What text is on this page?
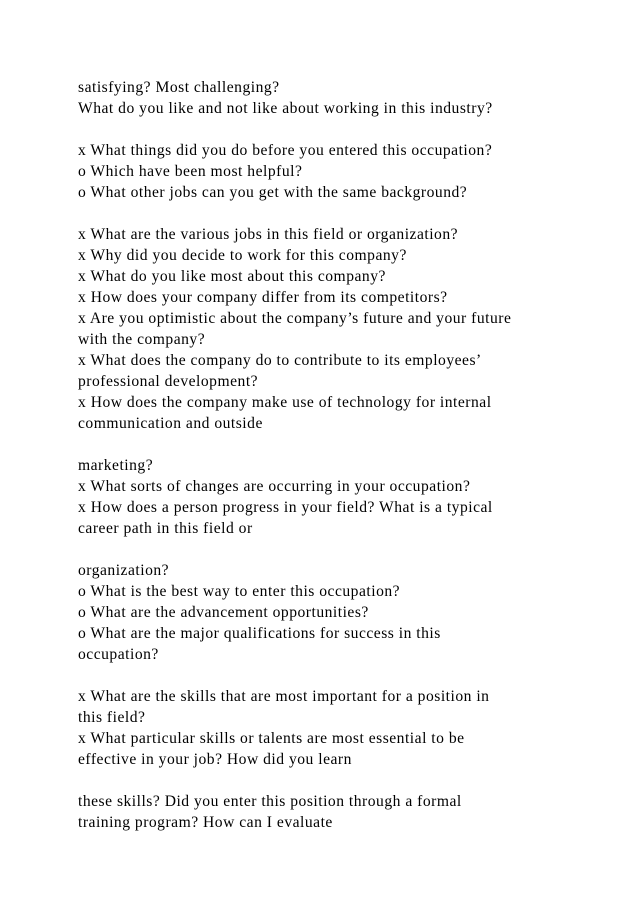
satisfying? Most challenging?
What do you like and not like about working in this industry?
x What things did you do before you entered this occupation?
o Which have been most helpful?
o What other jobs can you get with the same background?
x What are the various jobs in this field or organization?
x Why did you decide to work for this company?
x What do you like most about this company?
x How does your company differ from its competitors?
x Are you optimistic about the company’s future and your future
with the company?
x What does the company do to contribute to its employees’
professional development?
x How does the company make use of technology for internal
communication and outside
marketing?
x What sorts of changes are occurring in your occupation?
x How does a person progress in your field? What is a typical
career path in this field or
organization?
o What is the best way to enter this occupation?
o What are the advancement opportunities?
o What are the major qualifications for success in this
occupation?
x What are the skills that are most important for a position in
this field?
x What particular skills or talents are most essential to be
effective in your job? How did you learn
these skills? Did you enter this position through a formal
training program? How can I evaluate
